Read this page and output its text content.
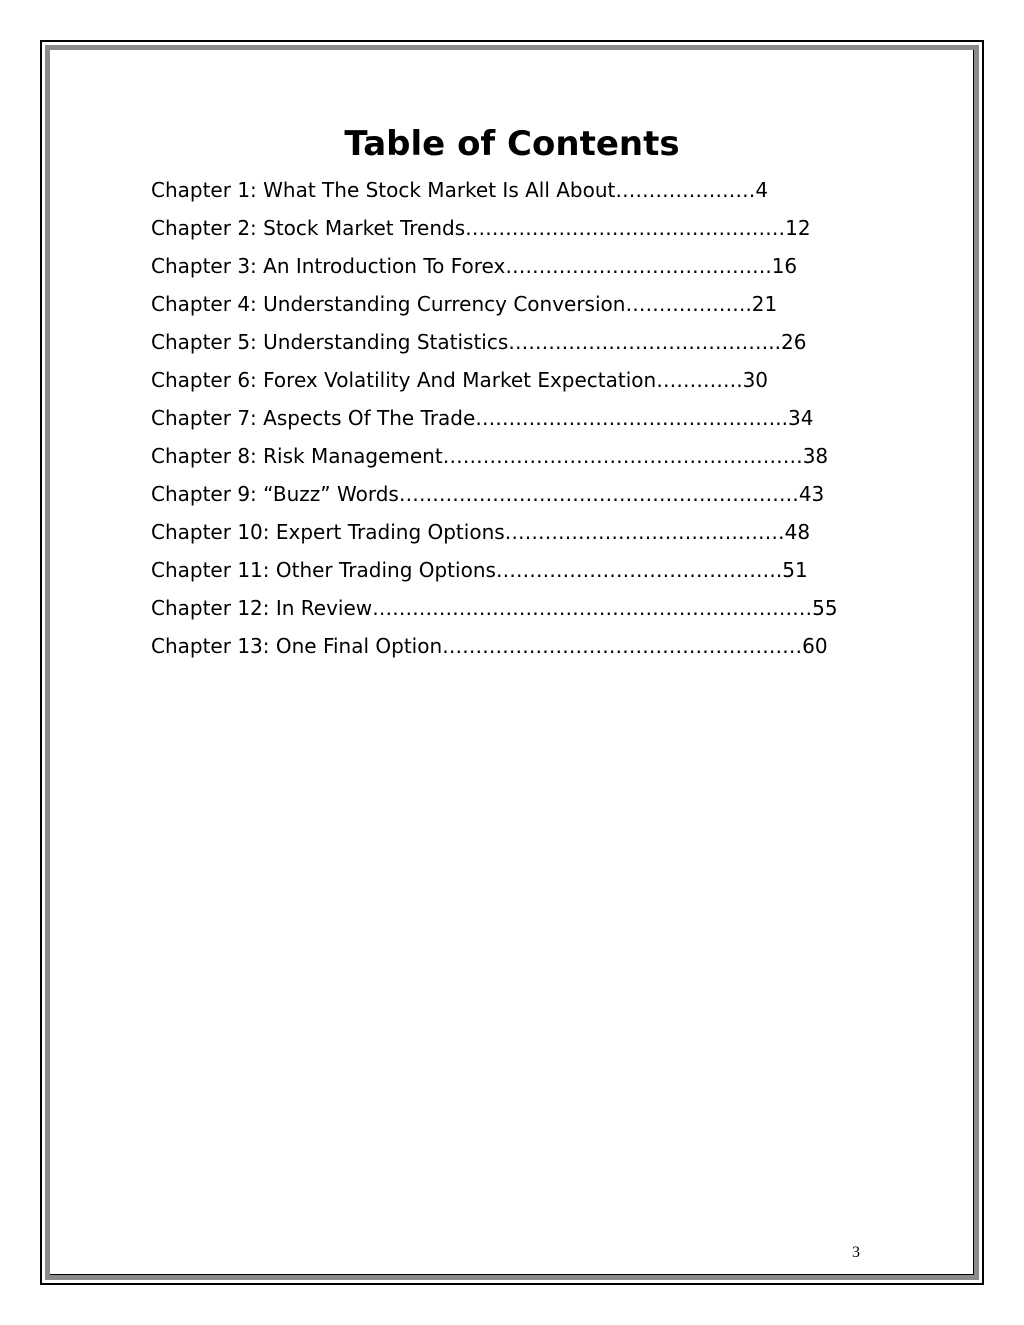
Table of Contents
Chapter 1: What The Stock Market Is All About…………………4
Chapter 2: Stock Market Trends…………………………………………12
Chapter 3: An Introduction To Forex………………………………….16
Chapter 4: Understanding Currency Conversion……………….21
Chapter 5: Understanding Statistics…………………………………..26
Chapter 6: Forex Volatility And Market Expectation………….30
Chapter 7: Aspects Of The Trade………………………………………..34
Chapter 8: Risk Management………………………………………………38
Chapter 9: “Buzz” Words……………………………………………………43
Chapter 10: Expert Trading Options……………………………………48
Chapter 11: Other Trading Options…………………………………….51
Chapter 12: In Review…………………………………………………………55
Chapter 13: One Final Option………………………………………………60
3
